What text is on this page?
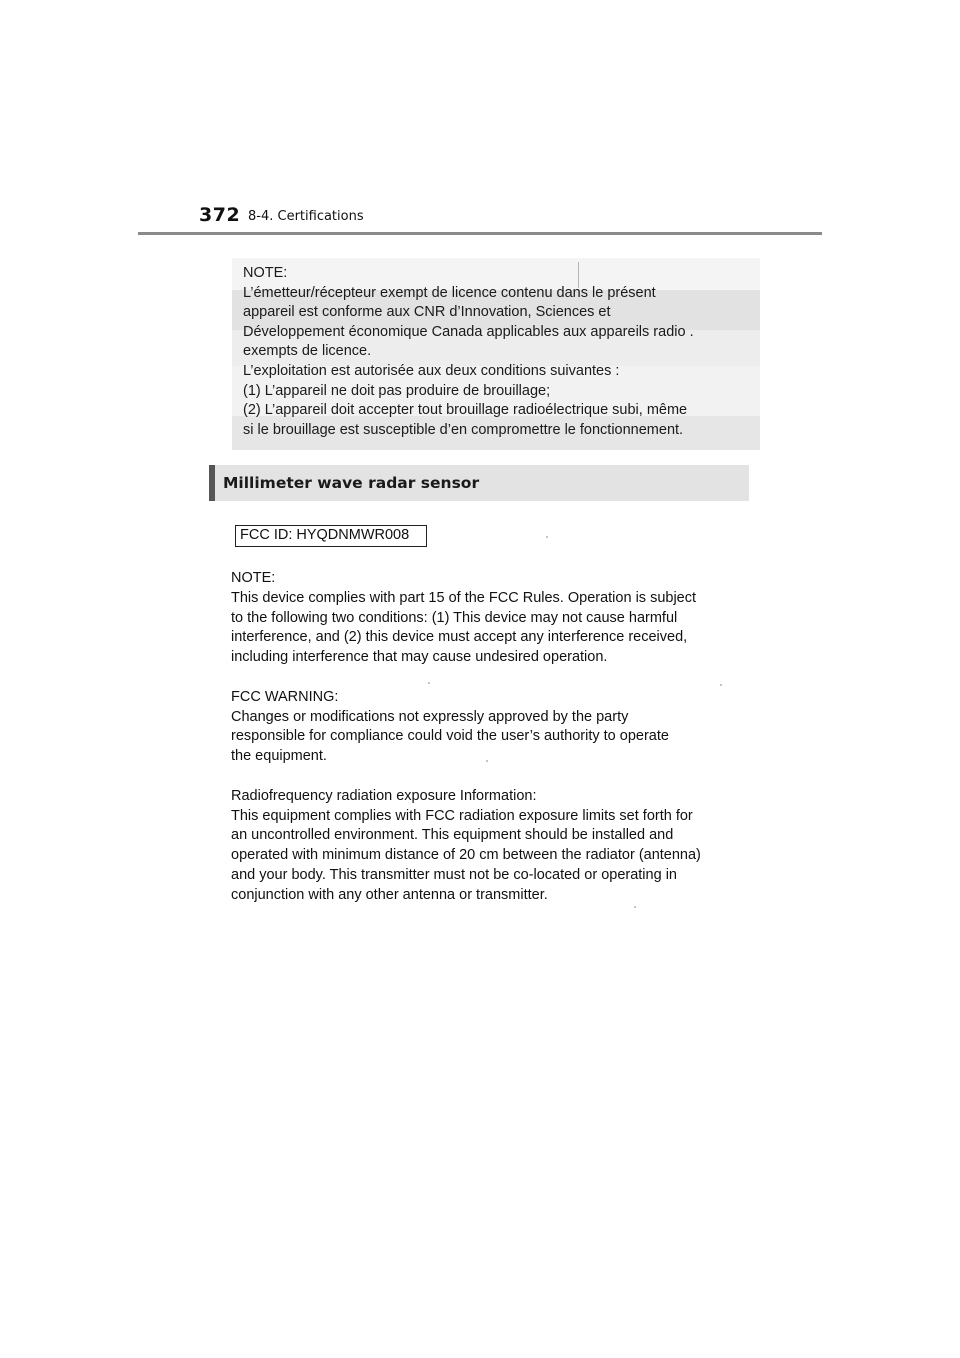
372 8-4. Certifications
NOTE:
L’émetteur/récepteur exempt de licence contenu dans le présent
appareil est conforme aux CNR d’Innovation, Sciences et
Développement économique Canada applicables aux appareils radio .
exempts de licence.
L’exploitation est autorisée aux deux conditions suivantes :
(1) L’appareil ne doit pas produire de brouillage;
(2) L’appareil doit accepter tout brouillage radioélectrique subi, même
si le brouillage est susceptible d’en compromettre le fonctionnement.
Millimeter wave radar sensor
FCC ID: HYQDNMWR008
NOTE:
This device complies with part 15 of the FCC Rules. Operation is subject
to the following two conditions: (1) This device may not cause harmful
interference, and (2) this device must accept any interference received,
including interference that may cause undesired operation.
FCC WARNING:
Changes or modifications not expressly approved by the party
responsible for compliance could void the user’s authority to operate
the equipment.
Radiofrequency radiation exposure Information:
This equipment complies with FCC radiation exposure limits set forth for
an uncontrolled environment. This equipment should be installed and
operated with minimum distance of 20 cm between the radiator (antenna)
and your body. This transmitter must not be co-located or operating in
conjunction with any other antenna or transmitter.
